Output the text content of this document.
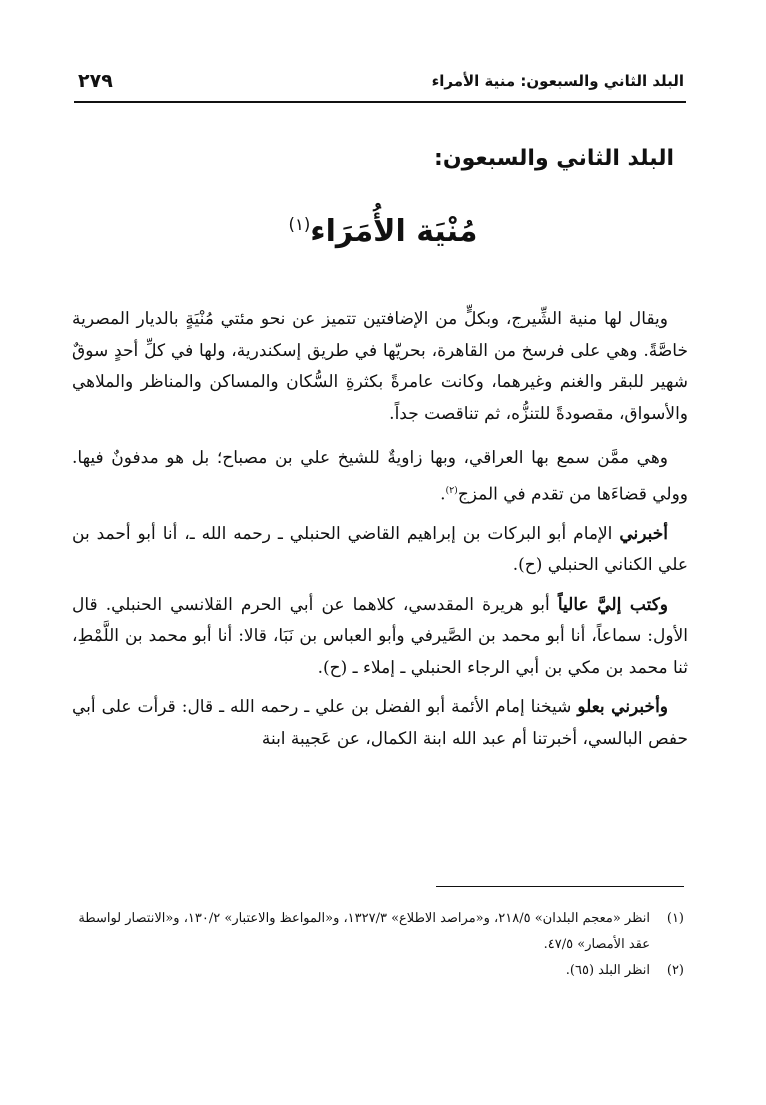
البلد الثاني والسبعون: منية الأمراء
٢٧٩
البلد الثاني والسبعون:
مُنْيَة الأُمَرَاء$^{(١)}$

ويقال لها منية الشِّيرج، وبكلٍّ من الإضافتين تتميز عن نحو مئتي مُنْيَةٍ بالديار المصرية خاصَّةً. وهي على فرسخ من القاهرة، بحريّها في طريق إسكندرية، ولها في كلِّ أحدٍ سوقٌ شهير للبقر والغنم وغيرهما، وكانت عامرةً بكثرةِ السُّكان والمساكن والمناظر والملاهي والأسواق، مقصودةً للتنزُّه، ثم تناقصت جداً.

وهي ممَّن سمع بها العراقي، وبها زاويةٌ للشيخ علي بن مصباح؛ بل هو مدفونٌ فيها. وولي قضاءَها من تقدم في المزج$^{(٢)}$.

أخبرني الإمام أبو البركات بن إبراهيم القاضي الحنبلي ـ رحمه الله ـ، أنا أبو أحمد بن علي الكناني الحنبلي (ح).

وكتب إليَّ عالياً أبو هريرة المقدسي، كلاهما عن أبي الحرم القلانسي الحنبلي. قال الأول: سماعاً، أنا أبو محمد بن الصَّيرفي وأبو العباس بن نَبَا، قالا: أنا أبو محمد بن اللَّمْطِ، ثنا محمد بن مكي بن أبي الرجاء الحنبلي ـ إملاء ـ (ح).

وأخبرني بعلو شيخنا إمام الأئمة أبو الفضل بن علي ـ رحمه الله ـ قال: قرأت على أبي حفص البالسي، أخبرتنا أم عبد الله ابنة الكمال، عن عَجيبة ابنة

(١)
انظر «معجم البلدان» ٢١٨/٥، و«مراصد الاطلاع» ١٣٢٧/٣، و«المواعظ والاعتبار» ١٣٠/٢، و«الانتصار لواسطة عقد الأمصار» ٤٧/٥.
(٢)
انظر البلد (٦٥).
